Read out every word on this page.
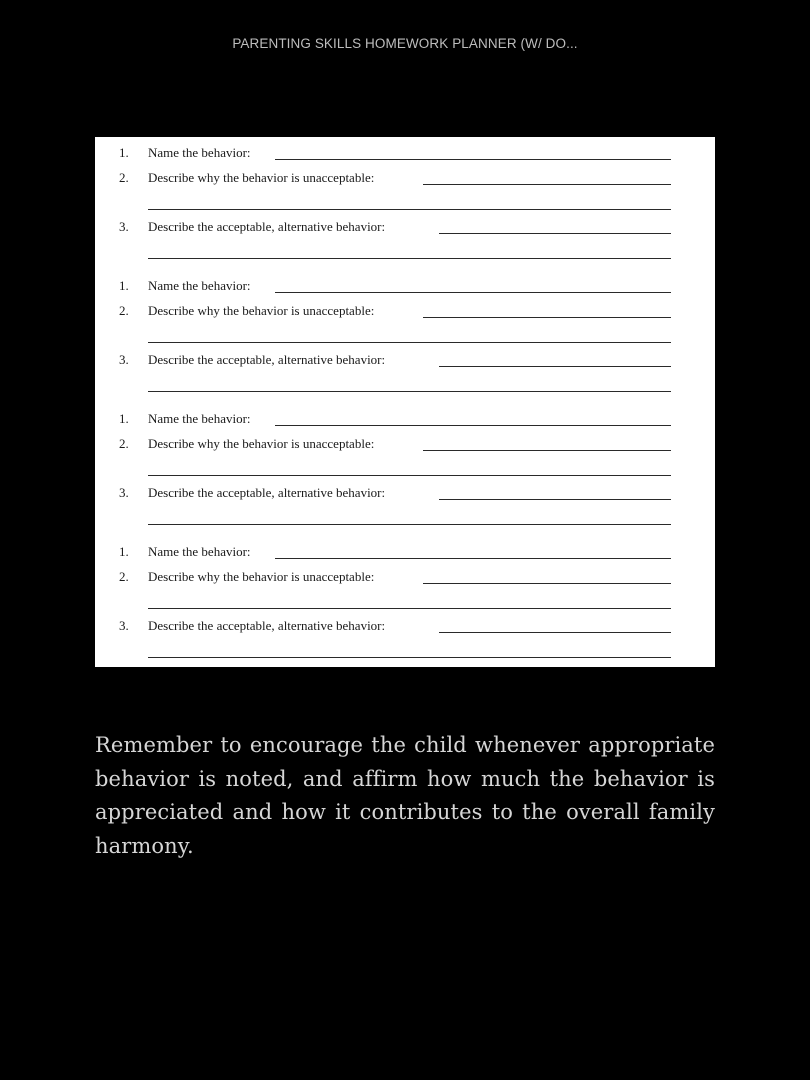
PARENTING SKILLS HOMEWORK PLANNER (W/ DO...
1.	Name the behavior:
2.	Describe why the behavior is unacceptable:
3.	Describe the acceptable, alternative behavior:
1.	Name the behavior:
2.	Describe why the behavior is unacceptable:
3.	Describe the acceptable, alternative behavior:
1.	Name the behavior:
2.	Describe why the behavior is unacceptable:
3.	Describe the acceptable, alternative behavior:
1.	Name the behavior:
2.	Describe why the behavior is unacceptable:
3.	Describe the acceptable, alternative behavior:

Remember to encourage the child whenever appropriate behavior is noted, and affirm how much the behavior is appreciated and how it contributes to the overall family harmony.
